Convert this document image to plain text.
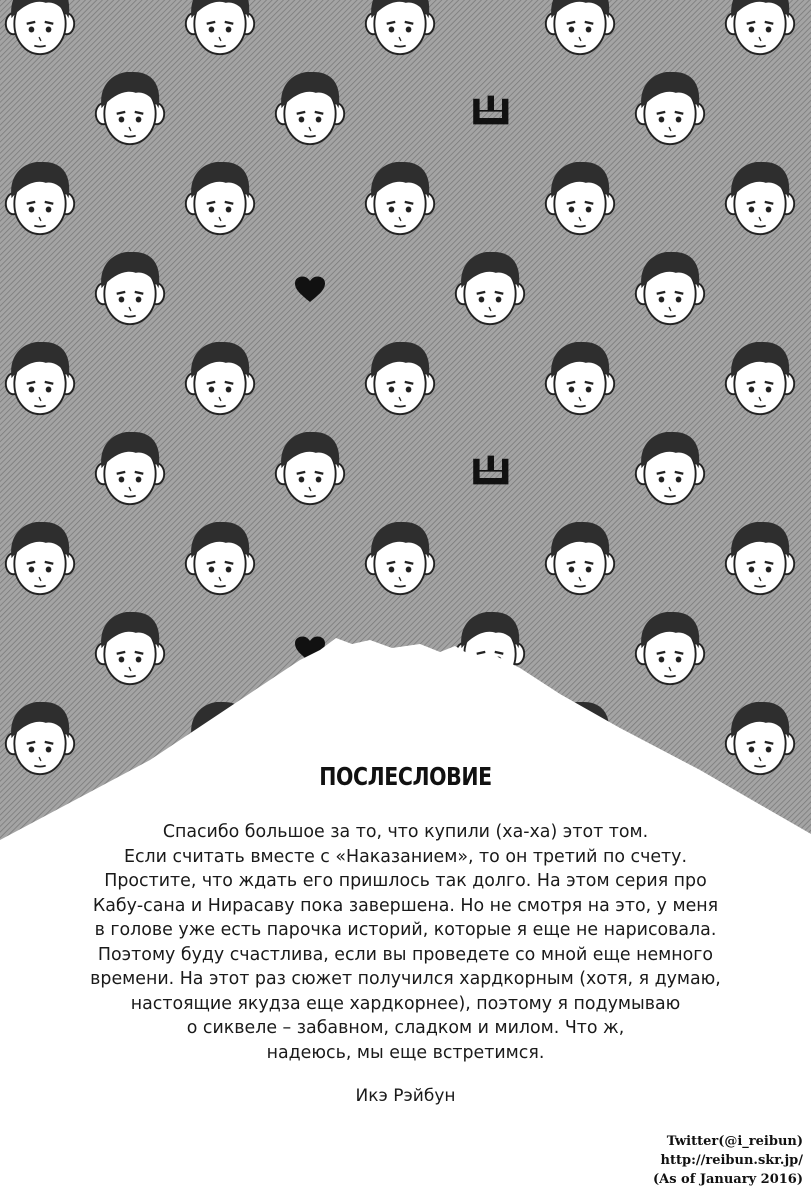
ПОСЛЕСЛОВИЕ
Спасибо большое за то, что купили (ха-ха) этот том.
Если считать вместе с «Наказанием», то он третий по счету.
Простите, что ждать его пришлось так долго. На этом серия про
Кабу-сана и Нирасаву пока завершена. Но не смотря на это, у меня
в голове уже есть парочка историй, которые я еще не нарисовала.
Поэтому буду счастлива, если вы проведете со мной еще немного
времени. На этот раз сюжет получился хардкорным (хотя, я думаю,
настоящие якудза еще хардкорнее), поэтому я подумываю
о сиквеле – забавном, сладком и милом. Что ж,
надеюсь, мы еще встретимся.
Икэ Рэйбун
Twitter(@i_reibun)
http://reibun.skr.jp/
(As of January 2016)
